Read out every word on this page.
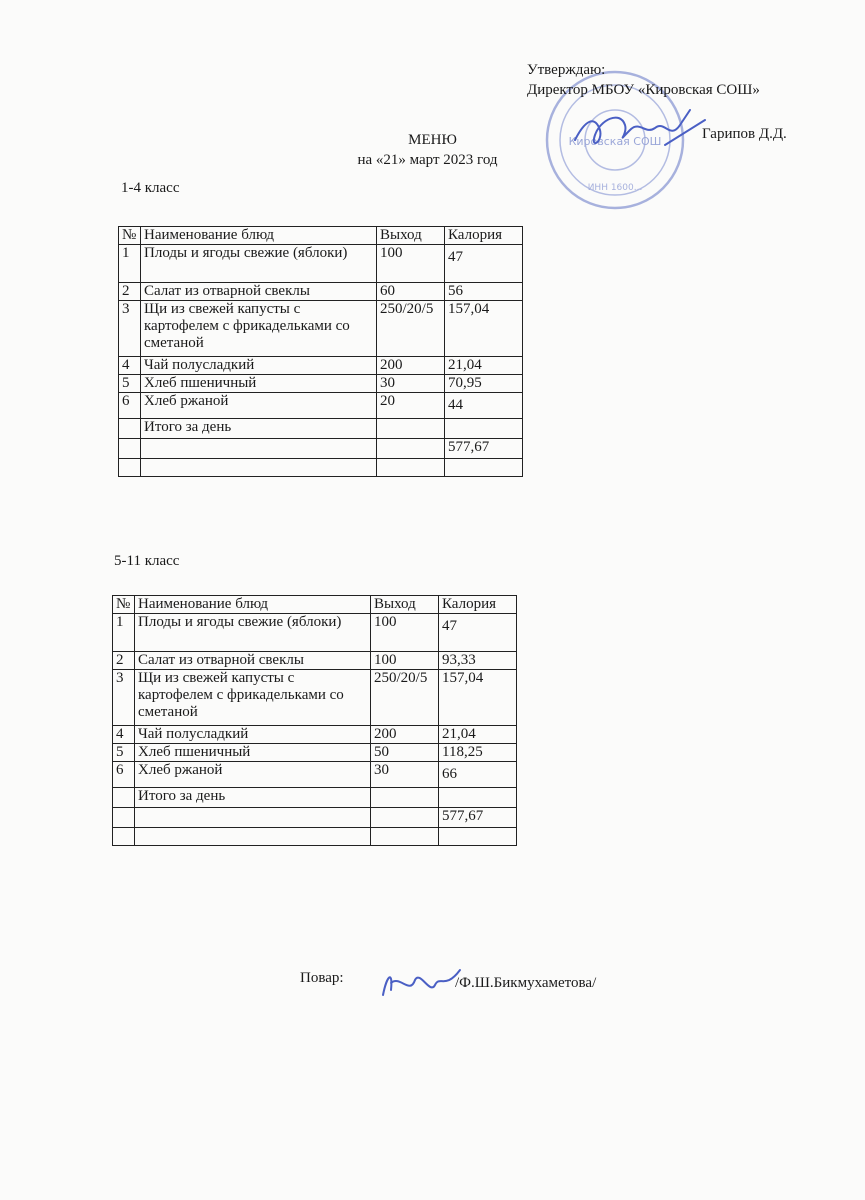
Кировская СОШ
ИНН 1600...
Утверждаю:
Директор МБОУ «Кировская СОШ»
Гарипов Д.Д.
МЕНЮ
на «21» март 2023 год
1-4 класс
№	Наименование блюд	Выход	Калория
1	Плоды и ягоды свежие (яблоки)	100	47
2	Салат из отварной свеклы	60	56
3	Щи из свежей капусты с картофелем с фрикадельками со сметаной	250/20/5	157,04
4	Чай полусладкий	200	21,04
5	Хлеб пшеничный	30	70,95
6	Хлеб ржаной	20	44
	Итого за день		
			577,67

5-11 класс
№	Наименование блюд	Выход	Калория
1	Плоды и ягоды свежие (яблоки)	100	47
2	Салат из отварной свеклы	100	93,33
3	Щи из свежей капусты с картофелем с фрикадельками со сметаной	250/20/5	157,04
4	Чай полусладкий	200	21,04
5	Хлеб пшеничный	50	118,25
6	Хлеб ржаной	30	66
	Итого за день		
			577,67

Повар:	/Ф.Ш.Бикмухаметова/
